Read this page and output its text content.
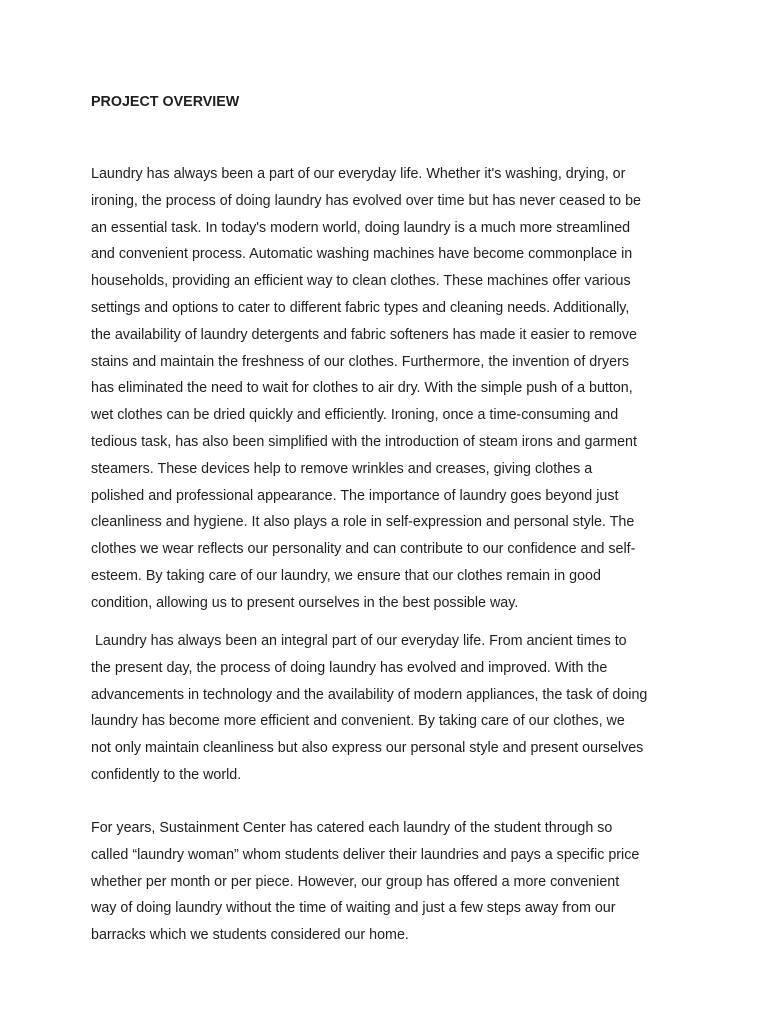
PROJECT OVERVIEW

Laundry has always been a part of our everyday life. Whether it's washing, drying, or
ironing, the process of doing laundry has evolved over time but has never ceased to be
an essential task. In today's modern world, doing laundry is a much more streamlined
and convenient process. Automatic washing machines have become commonplace in
households, providing an efficient way to clean clothes. These machines offer various
settings and options to cater to different fabric types and cleaning needs. Additionally,
the availability of laundry detergents and fabric softeners has made it easier to remove
stains and maintain the freshness of our clothes. Furthermore, the invention of dryers
has eliminated the need to wait for clothes to air dry. With the simple push of a button,
wet clothes can be dried quickly and efficiently. Ironing, once a time-consuming and
tedious task, has also been simplified with the introduction of steam irons and garment
steamers. These devices help to remove wrinkles and creases, giving clothes a
polished and professional appearance. The importance of laundry goes beyond just
cleanliness and hygiene. It also plays a role in self-expression and personal style. The
clothes we wear reflects our personality and can contribute to our confidence and self-
esteem. By taking care of our laundry, we ensure that our clothes remain in good
condition, allowing us to present ourselves in the best possible way.

Laundry has always been an integral part of our everyday life. From ancient times to
the present day, the process of doing laundry has evolved and improved. With the
advancements in technology and the availability of modern appliances, the task of doing
laundry has become more efficient and convenient. By taking care of our clothes, we
not only maintain cleanliness but also express our personal style and present ourselves
confidently to the world.

For years, Sustainment Center has catered each laundry of the student through so
called “laundry woman” whom students deliver their laundries and pays a specific price
whether per month or per piece. However, our group has offered a more convenient
way of doing laundry without the time of waiting and just a few steps away from our
barracks which we students considered our home.
